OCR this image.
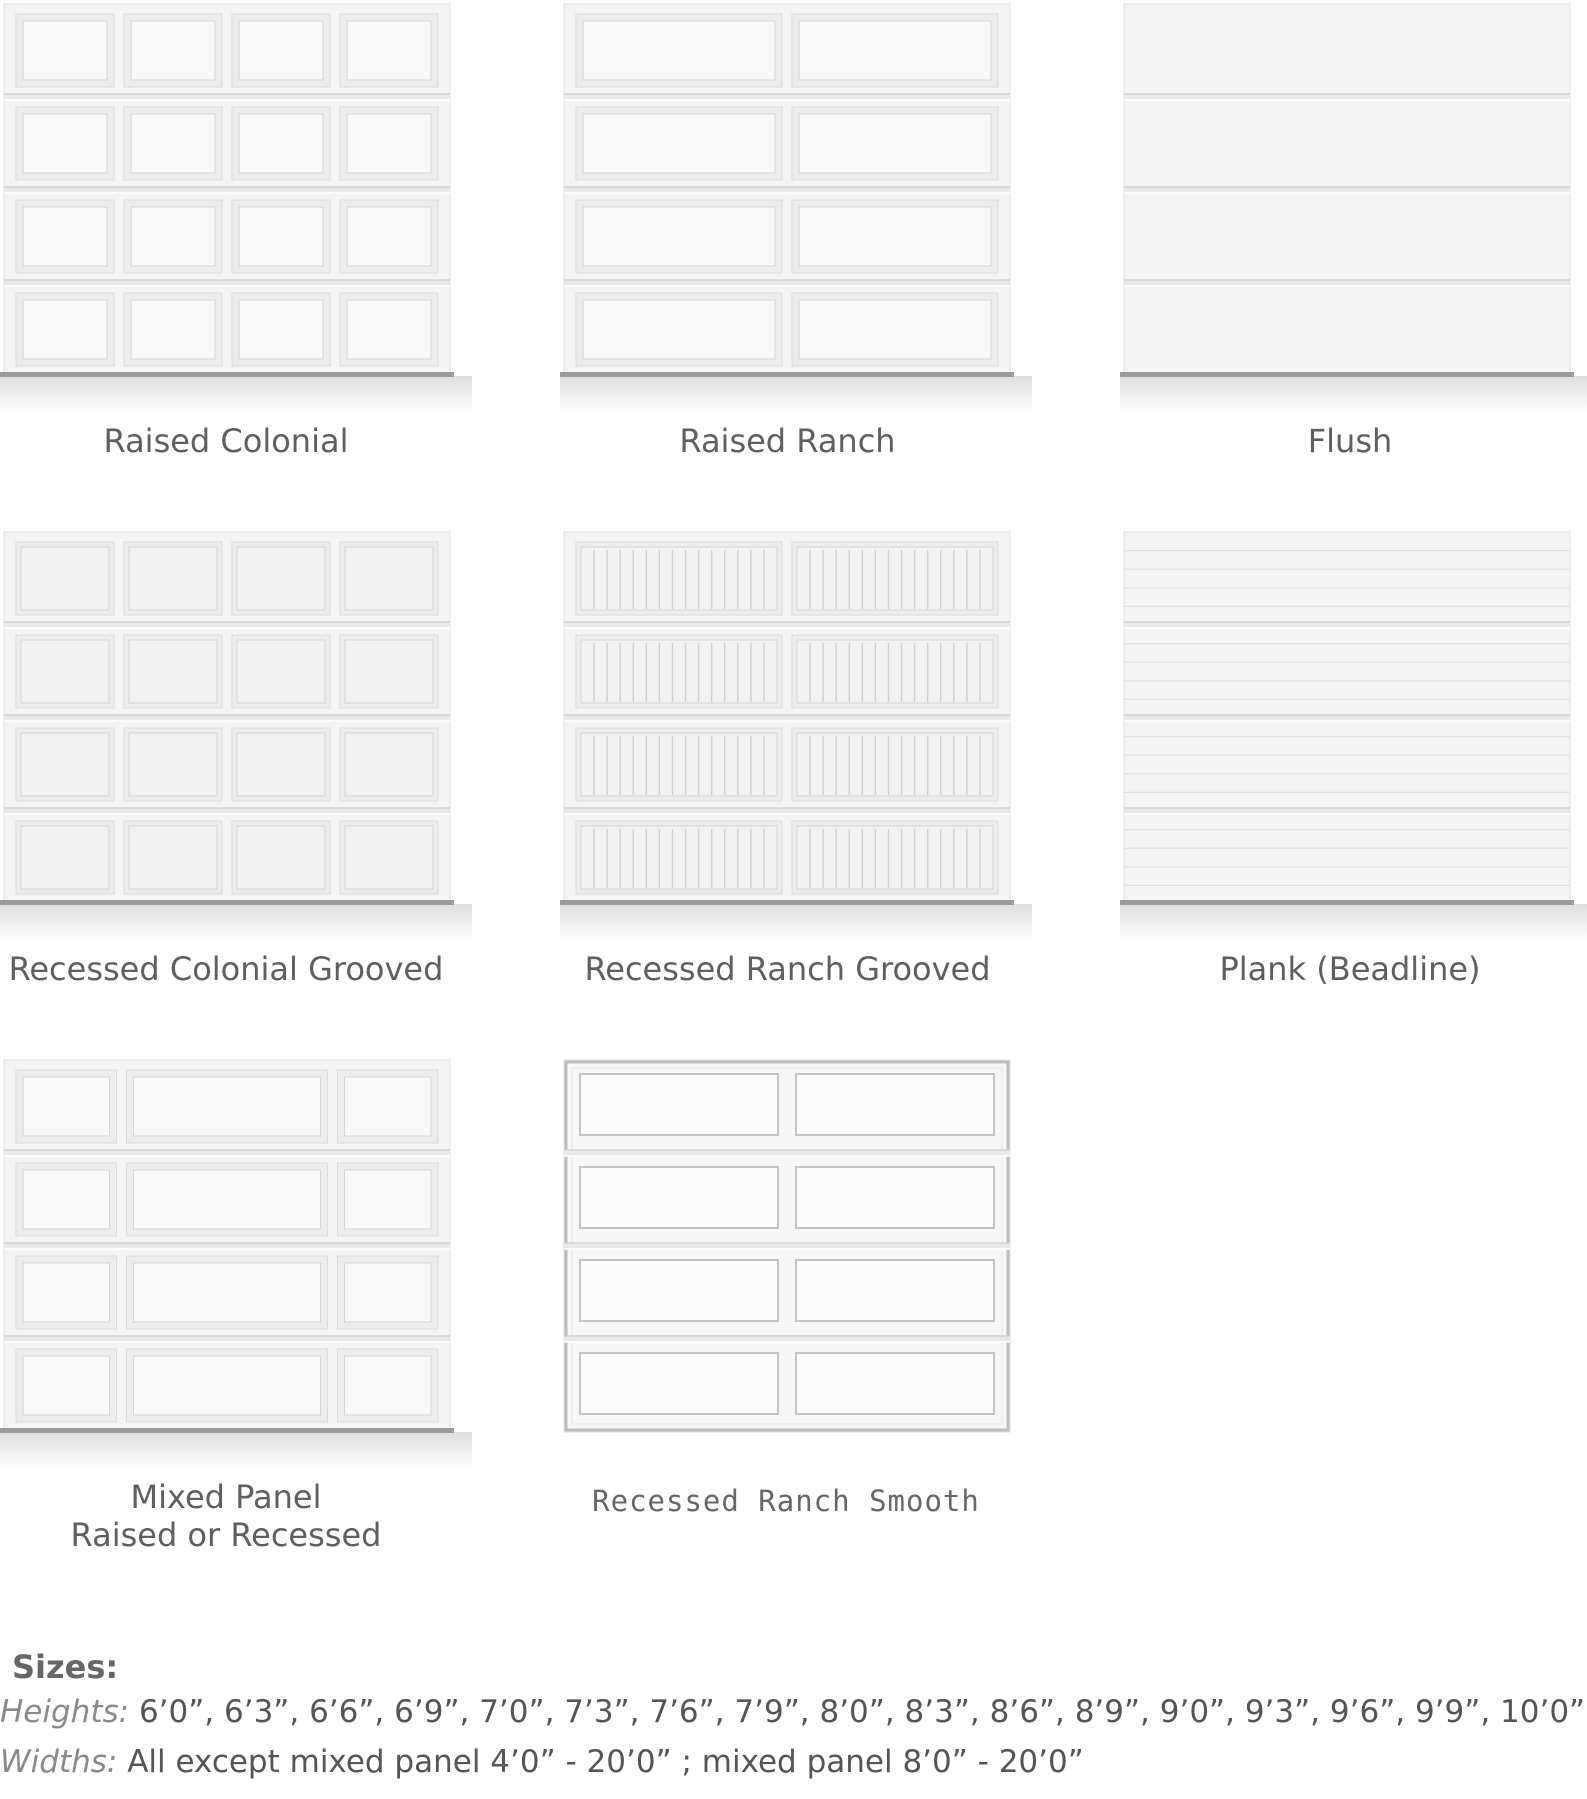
Raised Colonial	Raised Ranch	Flush
Recessed Colonial Grooved	Recessed Ranch Grooved	Plank (Beadline)
Mixed Panel
Raised or Recessed
Recessed Ranch Smooth

Sizes:

Heights: 6’0”, 6’3”, 6’6”, 6’9”, 7’0”, 7’3”, 7’6”, 7’9”, 8’0”, 8’3”, 8’6”, 8’9”, 9’0”, 9’3”, 9’6”, 9’9”, 10’0”

Widths: All except mixed panel 4’0” - 20’0” ; mixed panel 8’0” - 20’0”
